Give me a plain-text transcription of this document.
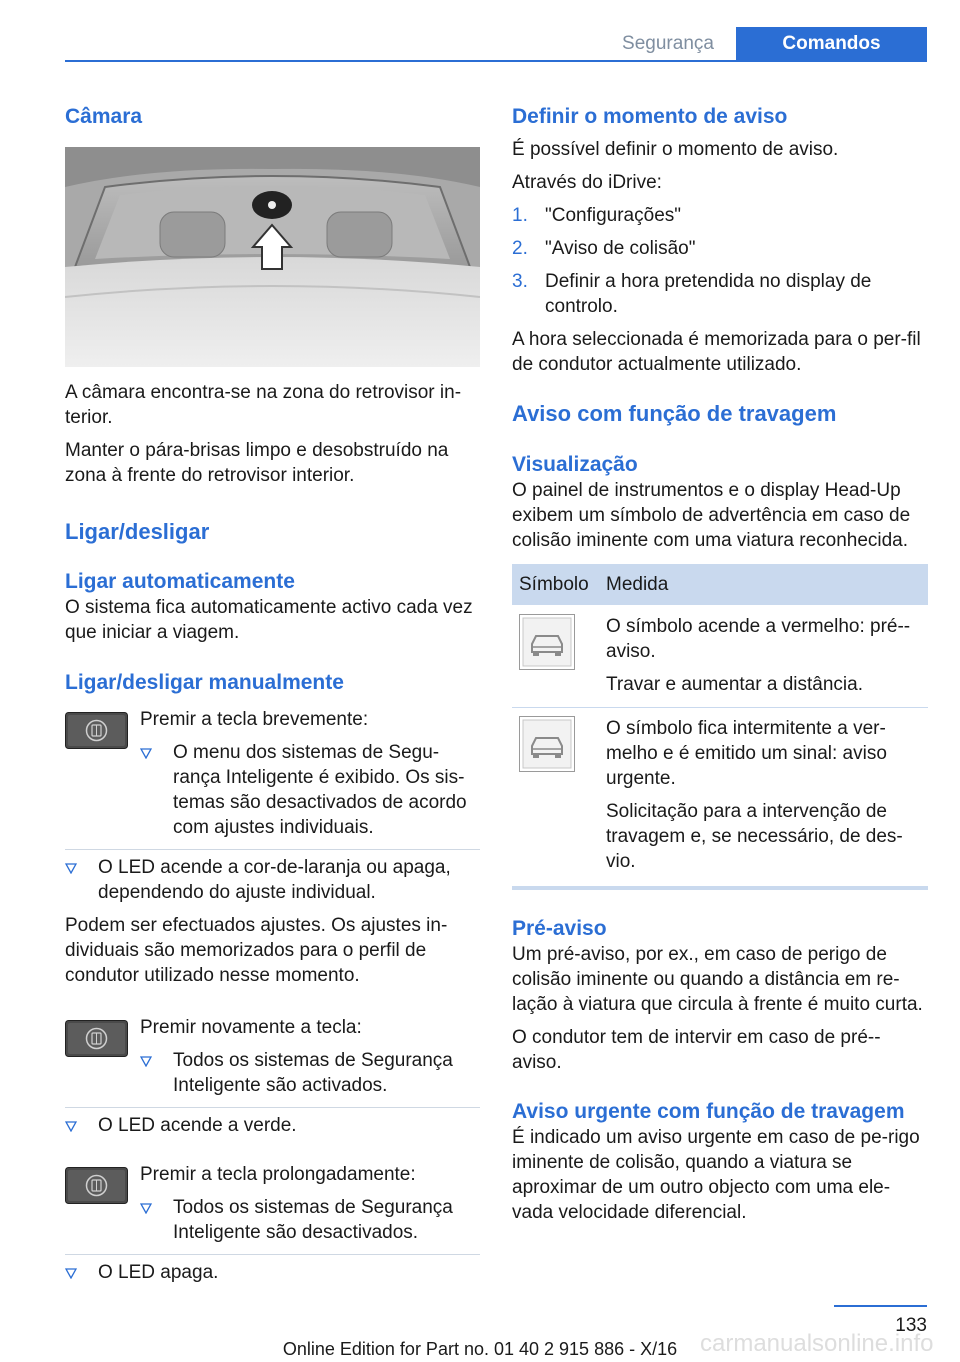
Segurança	Comandos
Câmara

A câmara encontra-se na zona do retrovisor in-terior.

Manter o pára-brisas limpo e desobstruído na zona à frente do retrovisor interior.

Ligar/desligar
Ligar automaticamente

O sistema fica automaticamente activo cada vez que iniciar a viagem.

Ligar/desligar manualmente

Premir a tecla brevemente:

O menu dos sistemas de Segu-rança Inteligente é exibido. Os sis-temas são desactivados de acordo com ajustes individuais.

O LED acende a cor-de-laranja ou apaga, dependendo do ajuste individual.

Podem ser efectuados ajustes. Os ajustes in-dividuais são memorizados para o perfil de condutor utilizado nesse momento.

Premir novamente a tecla:

Todos os sistemas de Segurança Inteligente são activados.

O LED acende a verde.

Premir a tecla prolongadamente:

Todos os sistemas de Segurança Inteligente são desactivados.

O LED apaga.

Definir o momento de aviso

É possível definir o momento de aviso.

Através do iDrive:

1. "Configurações"
2. "Aviso de colisão"
3. Definir a hora pretendida no display de controlo.

A hora seleccionada é memorizada para o per-fil de condutor actualmente utilizado.

Aviso com função de travagem
Visualização

O painel de instrumentos e o display Head-Up exibem um símbolo de advertência em caso de colisão iminente com uma viatura reconhecida.

Símbolo Medida

O símbolo acende a vermelho: pré--aviso.

Travar e aumentar a distância.

O símbolo fica intermitente a ver-melho e é emitido um sinal: aviso urgente.

Solicitação para a intervenção de travagem e, se necessário, de des-vio.

Pré-aviso

Um pré-aviso, por ex., em caso de perigo de colisão iminente ou quando a distância em re-lação à viatura que circula à frente é muito curta.

O condutor tem de intervir em caso de pré--aviso.

Aviso urgente com função de travagem

É indicado um aviso urgente em caso de pe-rigo iminente de colisão, quando a viatura se aproximar de um outro objecto com uma ele-vada velocidade diferencial.

133
carmanualsonline.info
Online Edition for Part no. 01 40 2 915 886 - X/16
